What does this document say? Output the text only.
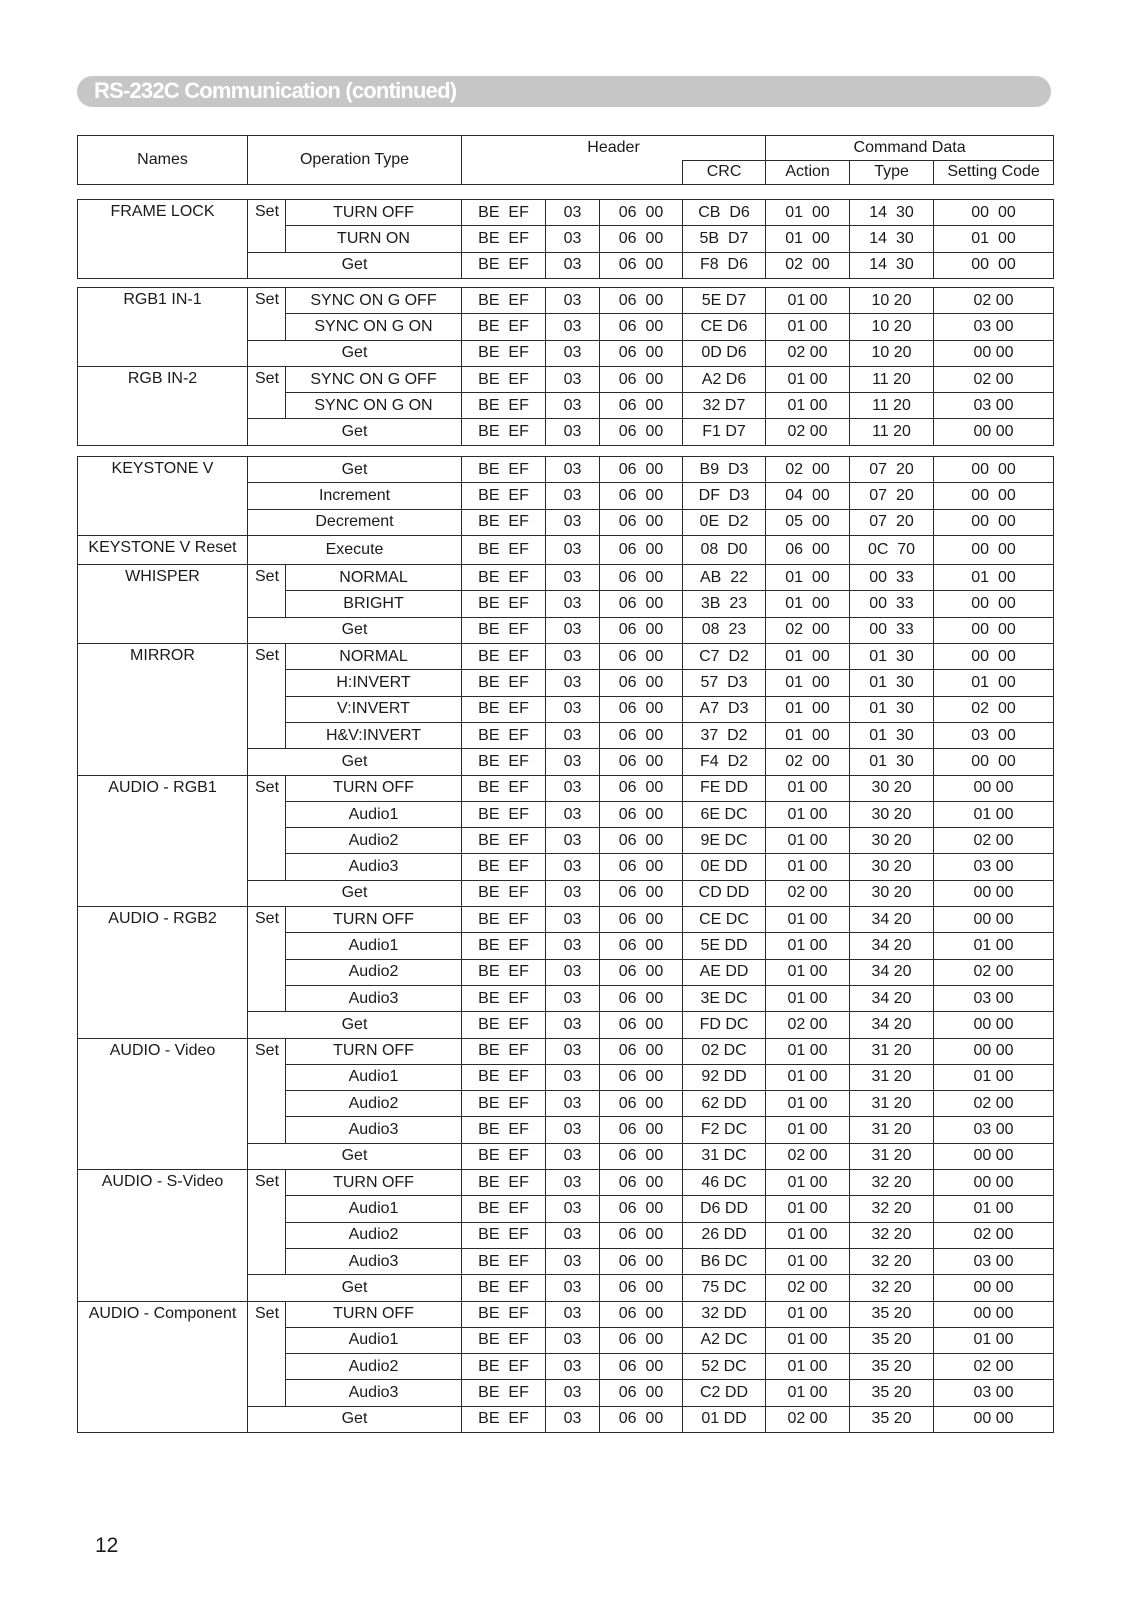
RS-232C Communication (continued)
Names	Operation Type	Header		Command Data		
			CRC	Action	Type	Setting Code
FRAME LOCK	Set	TURN OFF	BE  EF	03	06  00	CB  D6	01  00	14  30	00  00
		TURN ON	BE  EF	03	06  00	5B  D7	01  00	14  30	01  00
	Get		BE  EF	03	06  00	F8  D6	02  00	14  30	00  00
RGB1 IN-1	Set	SYNC ON G OFF	BE  EF	03	06  00	5E D7	01 00	10 20	02 00
		SYNC ON G ON	BE  EF	03	06  00	CE D6	01 00	10 20	03 00
	Get		BE  EF	03	06  00	0D D6	02 00	10 20	00 00
RGB IN-2	Set	SYNC ON G OFF	BE  EF	03	06  00	A2 D6	01 00	11 20	02 00
		SYNC ON G ON	BE  EF	03	06  00	32 D7	01 00	11 20	03 00
	Get		BE  EF	03	06  00	F1 D7	02 00	11 20	00 00
KEYSTONE V	Get		BE  EF	03	06  00	B9  D3	02  00	07  20	00  00
	Increment		BE  EF	03	06  00	DF  D3	04  00	07  20	00  00
	Decrement		BE  EF	03	06  00	0E  D2	05  00	07  20	00  00
KEYSTONE V Reset	Execute		BE  EF	03	06  00	08  D0	06  00	0C  70	00  00
WHISPER	Set	NORMAL	BE  EF	03	06  00	AB  22	01  00	00  33	01  00
		BRIGHT	BE  EF	03	06  00	3B  23	01  00	00  33	00  00
	Get		BE  EF	03	06  00	08  23	02  00	00  33	00  00
MIRROR	Set	NORMAL	BE  EF	03	06  00	C7  D2	01  00	01  30	00  00
		H:INVERT	BE  EF	03	06  00	57  D3	01  00	01  30	01  00
		V:INVERT	BE  EF	03	06  00	A7  D3	01  00	01  30	02  00
		H&V:INVERT	BE  EF	03	06  00	37  D2	01  00	01  30	03  00
	Get		BE  EF	03	06  00	F4  D2	02  00	01  30	00  00
AUDIO - RGB1	Set	TURN OFF	BE  EF	03	06  00	FE DD	01 00	30 20	00 00
		Audio1	BE  EF	03	06  00	6E DC	01 00	30 20	01 00
		Audio2	BE  EF	03	06  00	9E DC	01 00	30 20	02 00
		Audio3	BE  EF	03	06  00	0E DD	01 00	30 20	03 00
	Get		BE  EF	03	06  00	CD DD	02 00	30 20	00 00
AUDIO - RGB2	Set	TURN OFF	BE  EF	03	06  00	CE DC	01 00	34 20	00 00
		Audio1	BE  EF	03	06  00	5E DD	01 00	34 20	01 00
		Audio2	BE  EF	03	06  00	AE DD	01 00	34 20	02 00
		Audio3	BE  EF	03	06  00	3E DC	01 00	34 20	03 00
	Get		BE  EF	03	06  00	FD DC	02 00	34 20	00 00
AUDIO - Video	Set	TURN OFF	BE  EF	03	06  00	02 DC	01 00	31 20	00 00
		Audio1	BE  EF	03	06  00	92 DD	01 00	31 20	01 00
		Audio2	BE  EF	03	06  00	62 DD	01 00	31 20	02 00
		Audio3	BE  EF	03	06  00	F2 DC	01 00	31 20	03 00
	Get		BE  EF	03	06  00	31 DC	02 00	31 20	00 00
AUDIO - S-Video	Set	TURN OFF	BE  EF	03	06  00	46 DC	01 00	32 20	00 00
		Audio1	BE  EF	03	06  00	D6 DD	01 00	32 20	01 00
		Audio2	BE  EF	03	06  00	26 DD	01 00	32 20	02 00
		Audio3	BE  EF	03	06  00	B6 DC	01 00	32 20	03 00
	Get		BE  EF	03	06  00	75 DC	02 00	32 20	00 00
AUDIO - Component	Set	TURN OFF	BE  EF	03	06  00	32 DD	01 00	35 20	00 00
		Audio1	BE  EF	03	06  00	A2 DC	01 00	35 20	01 00
		Audio2	BE  EF	03	06  00	52 DC	01 00	35 20	02 00
		Audio3	BE  EF	03	06  00	C2 DD	01 00	35 20	03 00
	Get		BE  EF	03	06  00	01 DD	02 00	35 20	00 00
12
